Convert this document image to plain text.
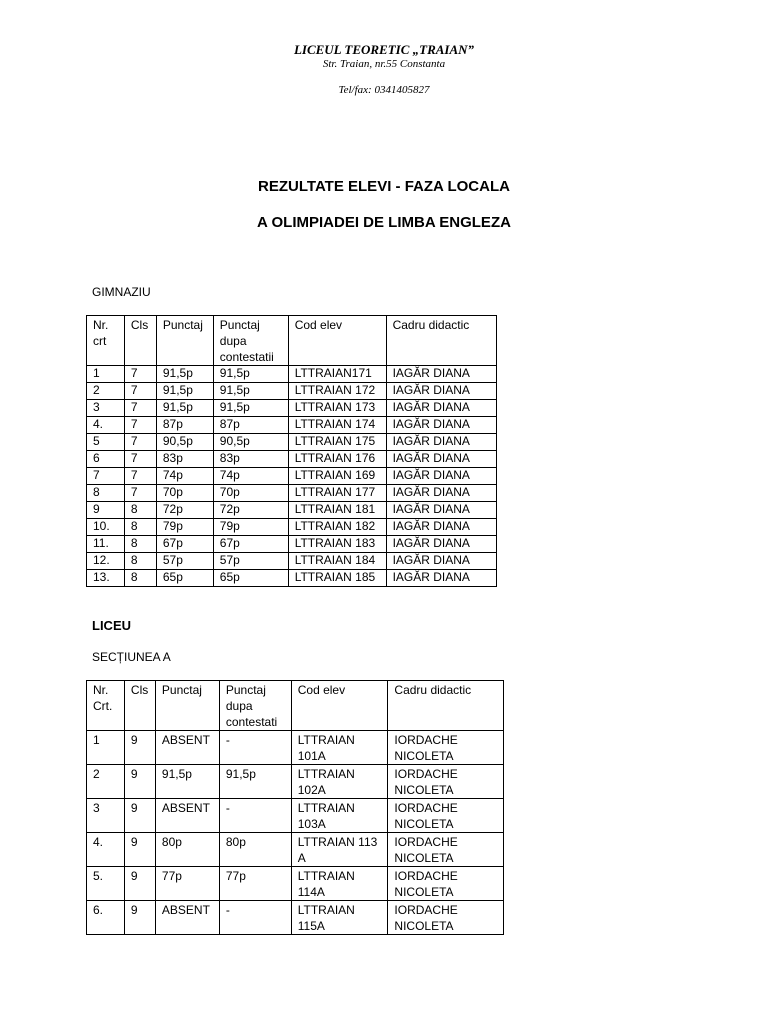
LICEUL TEORETIC „TRAIAN”
Str. Traian, nr.55 Constanta
Tel/fax: 0341405827
REZULTATE ELEVI - FAZA LOCALA
A OLIMPIADEI DE LIMBA ENGLEZA
GIMNAZIU
Nr. crt	Cls	Punctaj	Punctaj dupa contestatii	Cod elev	Cadru didactic
1	7	91,5p	91,5p	LTTRAIAN171	IAGĂR DIANA
2	7	91,5p	91,5p	LTTRAIAN 172	IAGĂR DIANA
3	7	91,5p	91,5p	LTTRAIAN 173	IAGĂR DIANA
4.	7	87p	87p	LTTRAIAN 174	IAGĂR DIANA
5	7	90,5p	90,5p	LTTRAIAN 175	IAGĂR DIANA
6	7	83p	83p	LTTRAIAN 176	IAGĂR DIANA
7	7	74p	74p	LTTRAIAN 169	IAGĂR DIANA
8	7	70p	70p	LTTRAIAN 177	IAGĂR DIANA
9	8	72p	72p	LTTRAIAN 181	IAGĂR DIANA
10.	8	79p	79p	LTTRAIAN 182	IAGĂR DIANA
11.	8	67p	67p	LTTRAIAN 183	IAGĂR DIANA
12.	8	57p	57p	LTTRAIAN 184	IAGĂR DIANA
13.	8	65p	65p	LTTRAIAN 185	IAGĂR DIANA
LICEU
SECȚIUNEA A
Nr. Crt.	Cls	Punctaj	Punctaj dupa contestati	Cod elev	Cadru didactic
1	9	ABSENT	-	LTTRAIAN 101A	IORDACHE NICOLETA
2	9	91,5p	91,5p	LTTRAIAN 102A	IORDACHE NICOLETA
3	9	ABSENT	-	LTTRAIAN 103A	IORDACHE NICOLETA
4.	9	80p	80p	LTTRAIAN 113 A	IORDACHE NICOLETA
5.	9	77p	77p	LTTRAIAN 114A	IORDACHE NICOLETA
6.	9	ABSENT	-	LTTRAIAN 115A	IORDACHE NICOLETA
